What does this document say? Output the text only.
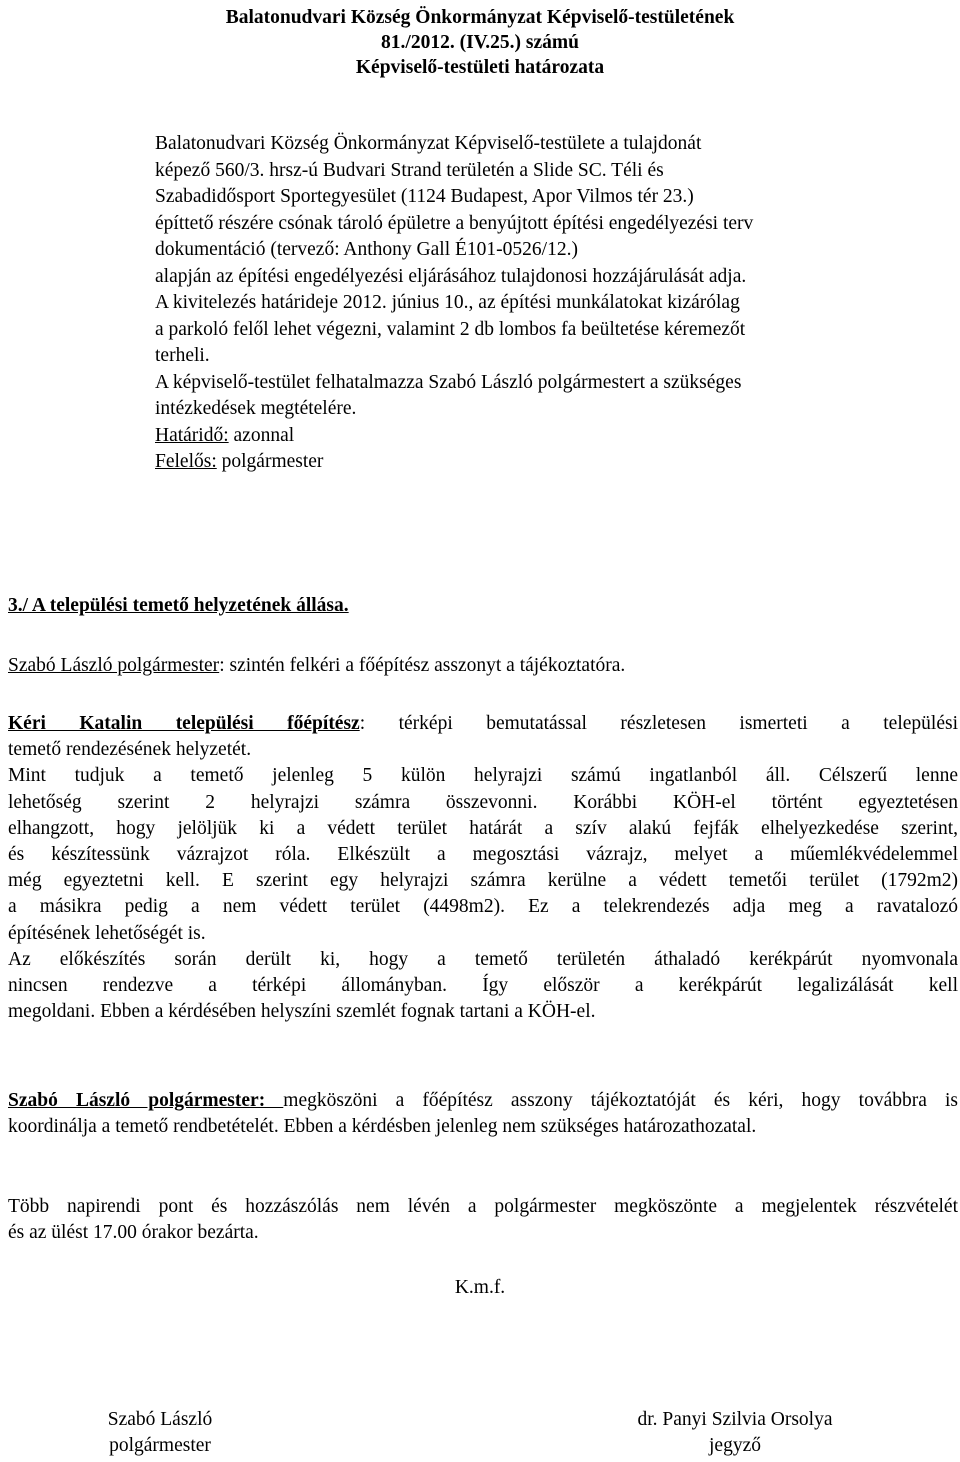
Balatonudvari Község Önkormányzat Képviselő-testületének
81./2012. (IV.25.) számú
Képviselő-testületi határozata
Balatonudvari Község Önkormányzat Képviselő-testülete a tulajdonát
képező 560/3. hrsz-ú Budvari Strand területén a Slide SC. Téli és
Szabadidősport Sportegyesület (1124 Budapest, Apor Vilmos tér 23.)
építtető részére csónak tároló épületre a benyújtott építési engedélyezési terv
dokumentáció (tervező: Anthony Gall É101-0526/12.)
alapján az építési engedélyezési eljárásához tulajdonosi hozzájárulását adja.
A kivitelezés határideje 2012. június 10., az építési munkálatokat kizárólag
a parkoló felől lehet végezni, valamint 2 db lombos fa beültetése kéremezőt
terheli.
A képviselő-testület felhatalmazza Szabó László polgármestert a szükséges
intézkedések megtételére.
Határidő: azonnal
Felelős: polgármester
3./ A települési temető helyzetének állása.
Szabó László polgármester: szintén felkéri a főépítész asszonyt a tájékoztatóra.
Kéri Katalin települési főépítész: térképi bemutatással részletesen ismerteti a települési
temető rendezésének helyzetét.
Mint tudjuk a temető jelenleg 5 külön helyrajzi számú ingatlanból áll. Célszerű lenne
lehetőség szerint 2 helyrajzi számra összevonni. Korábbi KÖH-el történt egyeztetésen
elhangzott, hogy jelöljük ki a védett terület határát a szív alakú fejfák elhelyezkedése szerint,
és készítessünk vázrajzot róla. Elkészült a megosztási vázrajz, melyet a műemlékvédelemmel
még egyeztetni kell. E szerint egy helyrajzi számra kerülne a védett temetői terület (1792m2)
a másikra pedig a nem védett terület (4498m2). Ez a telekrendezés adja meg a ravatalozó
építésének lehetőségét is.
Az előkészítés során derült ki, hogy a temető területén áthaladó kerékpárút nyomvonala
nincsen rendezve a térképi állományban. Így először a kerékpárút legalizálását kell
megoldani. Ebben a kérdésében helyszíni szemlét fognak tartani a KÖH-el.
Szabó László polgármester: megköszöni a főépítész asszony tájékoztatóját és kéri, hogy továbbra is
koordinálja a temető rendbetételét. Ebben a kérdésben jelenleg nem szükséges határozathozatal.
Több napirendi pont és hozzászólás nem lévén a polgármester megköszönte a megjelentek részvételét
és az ülést 17.00 órakor bezárta.
K.m.f.
Szabó László
polgármester
dr. Panyi Szilvia Orsolya
jegyző
